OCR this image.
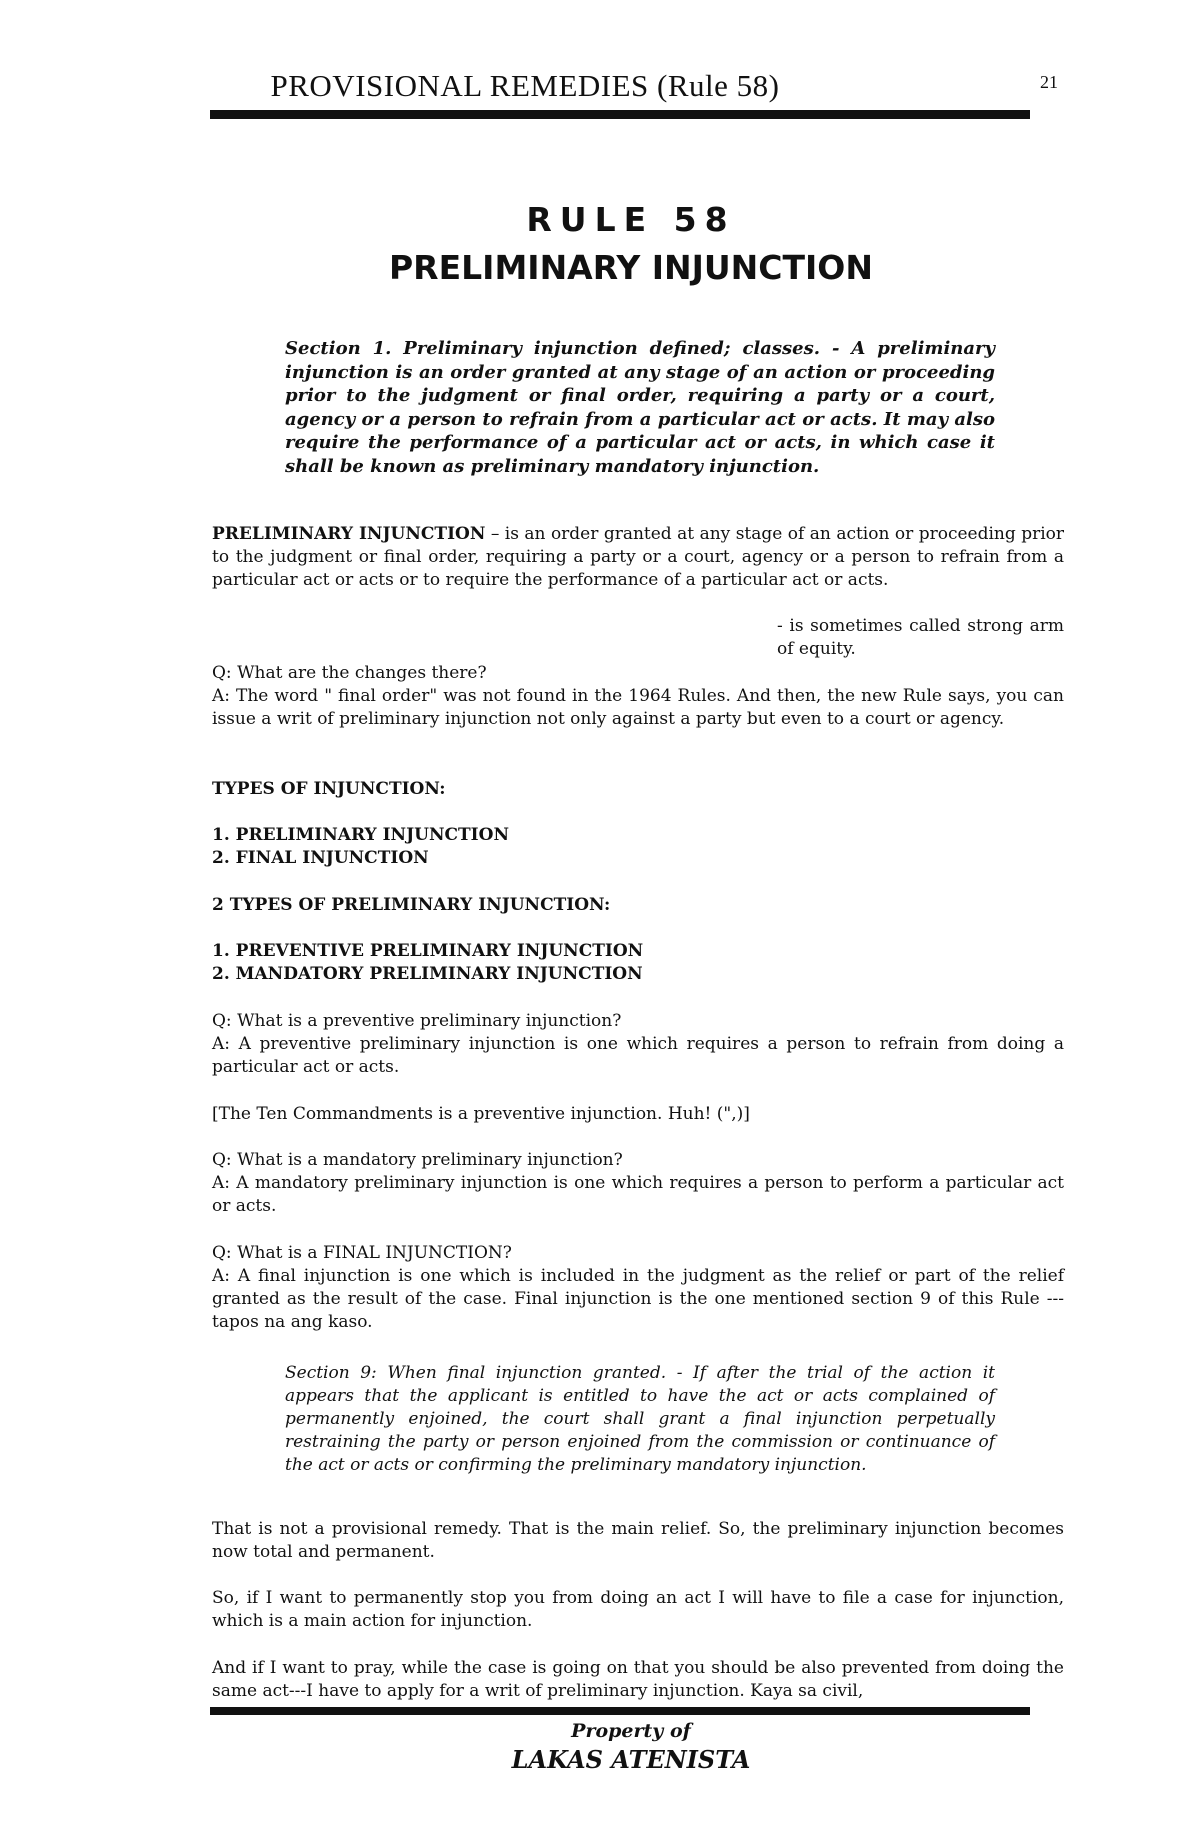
PROVISIONAL REMEDIES (Rule 58)	21
RULE 58
PRELIMINARY INJUNCTION
Section 1. Preliminary injunction defined; classes. - A preliminary injunction is an order granted at any stage of an action or proceeding prior to the judgment or final order, requiring a party or a court, agency or a person to refrain from a particular act or acts. It may also require the performance of a particular act or acts, in which case it shall be known as preliminary mandatory injunction.

PRELIMINARY INJUNCTION – is an order granted at any stage of an action or proceeding prior to the judgment or final order, requiring a party or a court, agency or a person to refrain from a particular act or acts or to require the performance of a particular act or acts.

- is sometimes called strong arm of equity.

Q: What are the changes there?

A: The word " final order" was not found in the 1964 Rules. And then, the new Rule says, you can issue a writ of preliminary injunction not only against a party but even to a court or agency.

TYPES OF INJUNCTION:

1. PRELIMINARY INJUNCTION

2. FINAL INJUNCTION

2 TYPES OF PRELIMINARY INJUNCTION:

1. PREVENTIVE PRELIMINARY INJUNCTION

2. MANDATORY PRELIMINARY INJUNCTION

Q: What is a preventive preliminary injunction?

A: A preventive preliminary injunction is one which requires a person to refrain from doing a particular act or acts.

[The Ten Commandments is a preventive injunction. Huh! (",)]

Q: What is a mandatory preliminary injunction?

A: A mandatory preliminary injunction is one which requires a person to perform a particular act or acts.

Q: What is a FINAL INJUNCTION?

A: A final injunction is one which is included in the judgment as the relief or part of the relief granted as the result of the case. Final injunction is the one mentioned section 9 of this Rule --- tapos na ang kaso.

Section 9: When final injunction granted. - If after the trial of the action it appears that the applicant is entitled to have the act or acts complained of permanently enjoined, the court shall grant a final injunction perpetually restraining the party or person enjoined from the commission or continuance of the act or acts or confirming the preliminary mandatory injunction.
That is not a provisional remedy. That is the main relief. So, the preliminary injunction becomes now total and permanent.
So, if I want to permanently stop you from doing an act I will have to file a case for injunction, which is a main action for injunction.
And if I want to pray, while the case is going on that you should be also prevented from doing the same act---I have to apply for a writ of preliminary injunction. Kaya sa civil,
Property of
LAKAS ATENISTA
